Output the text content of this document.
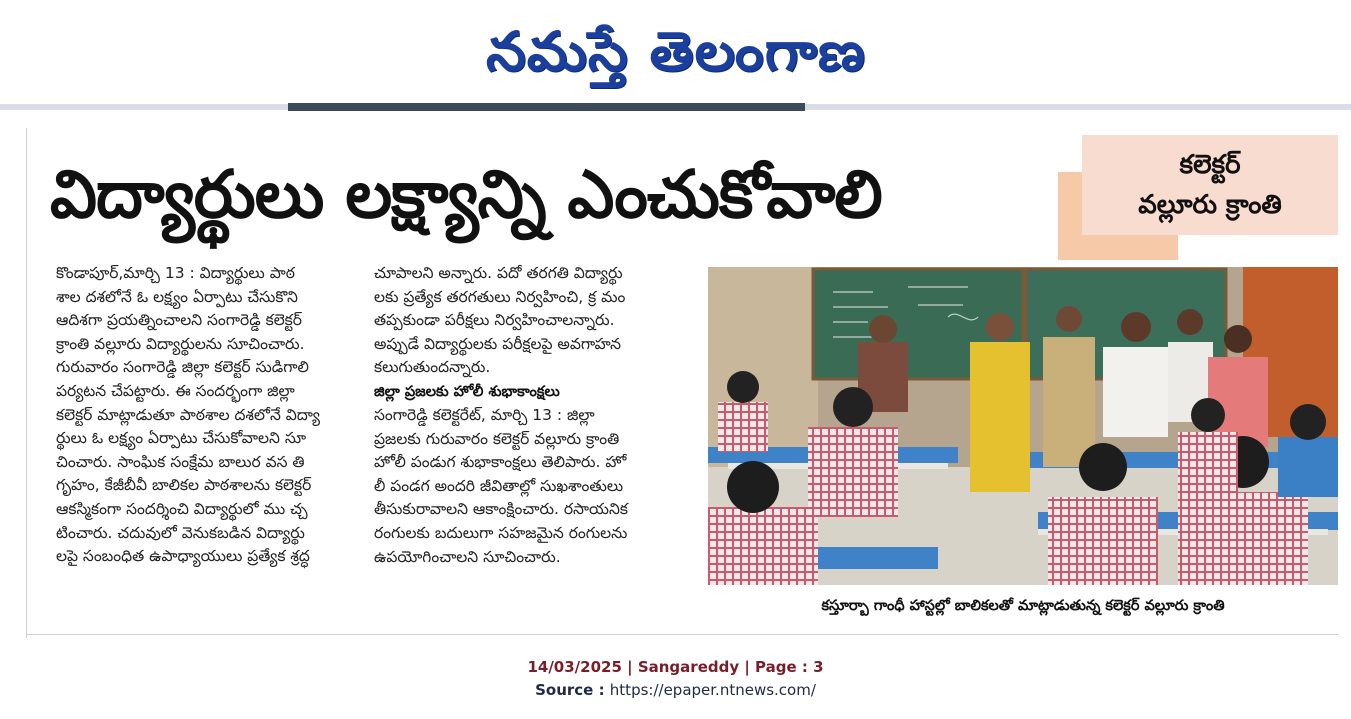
నమస్తే తెలంగాణ
విద్యార్థులు లక్ష్యాన్ని ఎంచుకోవాలి	కలెక్టర్
వల్లూరు క్రాంతి
కొండాపూర్,మార్చి 13 : విద్యార్థులు పాఠ
శాల దశలోనే ఓ లక్ష్యం ఏర్పాటు చేసుకొని
ఆదిశగా ప్రయత్నించాలని సంగారెడ్డి కలెక్టర్
క్రాంతి వల్లూరు విద్యార్థులను సూచించారు.
గురువారం సంగారెడ్డి జిల్లా కలెక్టర్ సుడిగాలి
పర్యటన చేపట్టారు. ఈ సందర్భంగా జిల్లా
కలెక్టర్ మాట్లాడుతూ పాఠశాల దశలోనే విద్యా
ర్థులు ఓ లక్ష్యం ఏర్పాటు చేసుకోవాలని సూ
చించారు. సాంఘిక సంక్షేమ బాలుర వస తి
గృహం, కేజీబీవీ బాలికల పాఠశాలను కలెక్టర్
ఆకస్మికంగా సందర్శించి విద్యార్థులో ము చ్చ
టించారు. చదువులో వెనుకబడిన విద్యార్థు
లపై సంబంధిత ఉపాధ్యాయులు ప్రత్యేక శ్రద్ధ
చూపాలని అన్నారు. పదో తరగతి విద్యార్థు
లకు ప్రత్యేక తరగతులు నిర్వహించి, క్ర మం
తప్పకుండా పరీక్షలు నిర్వహించాలన్నారు.
అప్పుడే విద్యార్థులకు పరీక్షలపై అవగాహన
కలుగుతుందన్నారు.
జిల్లా ప్రజలకు హోలీ శుభాకాంక్షలు
సంగారెడ్డి కలెక్టరేట్, మార్చి 13 : జిల్లా
ప్రజలకు గురువారం కలెక్టర్ వల్లూరు క్రాంతి
హోలీ పండుగ శుభాకాంక్షలు తెలిపారు. హో
లీ పండగ అందరి జీవితాల్లో సుఖశాంతులు
తీసుకురావాలని ఆకాంక్షించారు. రసాయనిక
రంగులకు బదులుగా సహజమైన రంగులను
ఉపయోగించాలని సూచించారు.
కస్తూర్బా గాంధీ హాస్టల్లో బాలికలతో మాట్లాడుతున్న కలెక్టర్ వల్లూరు క్రాంతి
14/03/2025 | Sangareddy | Page : 3
Source : https://epaper.ntnews.com/
